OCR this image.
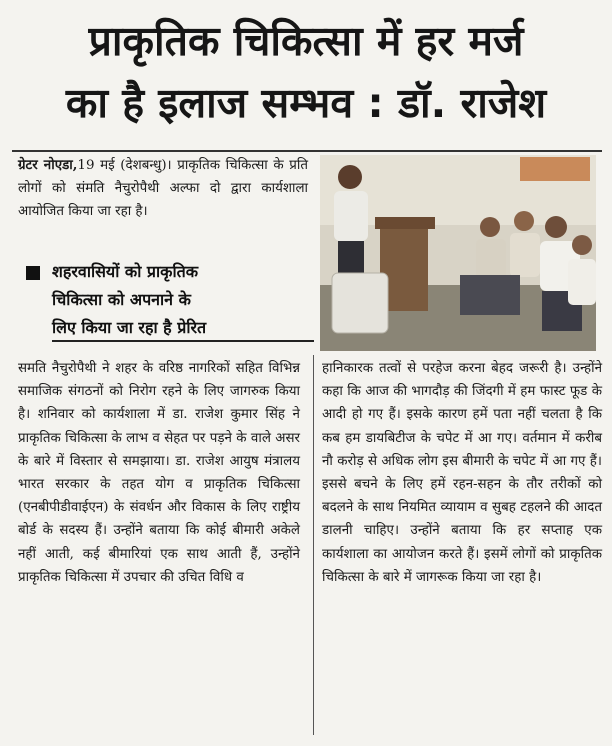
प्राकृतिक चिकित्सा में हर मर्ज
का है इलाज सम्भव : डॉ. राजेश
ग्रेटर नोएडा,19 मई (देशबन्धु)। प्राकृतिक चिकित्सा के प्रति लोगों को संमति नैचुरोपैथी अल्फा दो द्वारा कार्यशाला आयोजित किया जा रहा है।
शहरवासियों को प्राकृतिक
चिकित्सा को अपनाने के
लिए किया जा रहा है प्रेरित

समति नैचुरोपैथी ने शहर के वरिष्ठ नागरिकों सहित विभिन्न समाजिक संगठनों को निरोग रहने के लिए जागरुक किया है। शनिवार को कार्यशाला में डा. राजेश कुमार सिंह ने प्राकृतिक चिकित्सा के लाभ व सेहत पर पड़ने के वाले असर के बारे में विस्तार से समझाया। डा. राजेश आयुष मंत्रालय भारत सरकार के तहत योग व प्राकृतिक चिकित्सा (एनबीपीडीवाईएन) के संवर्धन और विकास के लिए राष्ट्रीय बोर्ड के सदस्य हैं। उन्होंने बताया कि कोई बीमारी अकेले नहीं आती, कई बीमारियां एक साथ आती हैं, उन्होंने प्राकृतिक चिकित्सा में उपचार की उचित विधि व

हानिकारक तत्वों से परहेज करना बेहद जरूरी है। उन्होंने कहा कि आज की भागदौड़ की जिंदगी में हम फास्ट फूड के आदी हो गए हैं। इसके कारण हमें पता नहीं चलता है कि कब हम डायबिटीज के चपेट में आ गए। वर्तमान में करीब नौ करोड़ से अधिक लोग इस बीमारी के चपेट में आ गए हैं। इससे बचने के लिए हमें रहन-सहन के तौर तरीकों को बदलने के साथ नियमित व्यायाम व सुबह टहलने की आदत डालनी चाहिए। उन्होंने बताया कि हर सप्ताह एक कार्यशाला का आयोजन करते हैं। इसमें लोगों को प्राकृतिक चिकित्सा के बारे में जागरूक किया जा रहा है।
